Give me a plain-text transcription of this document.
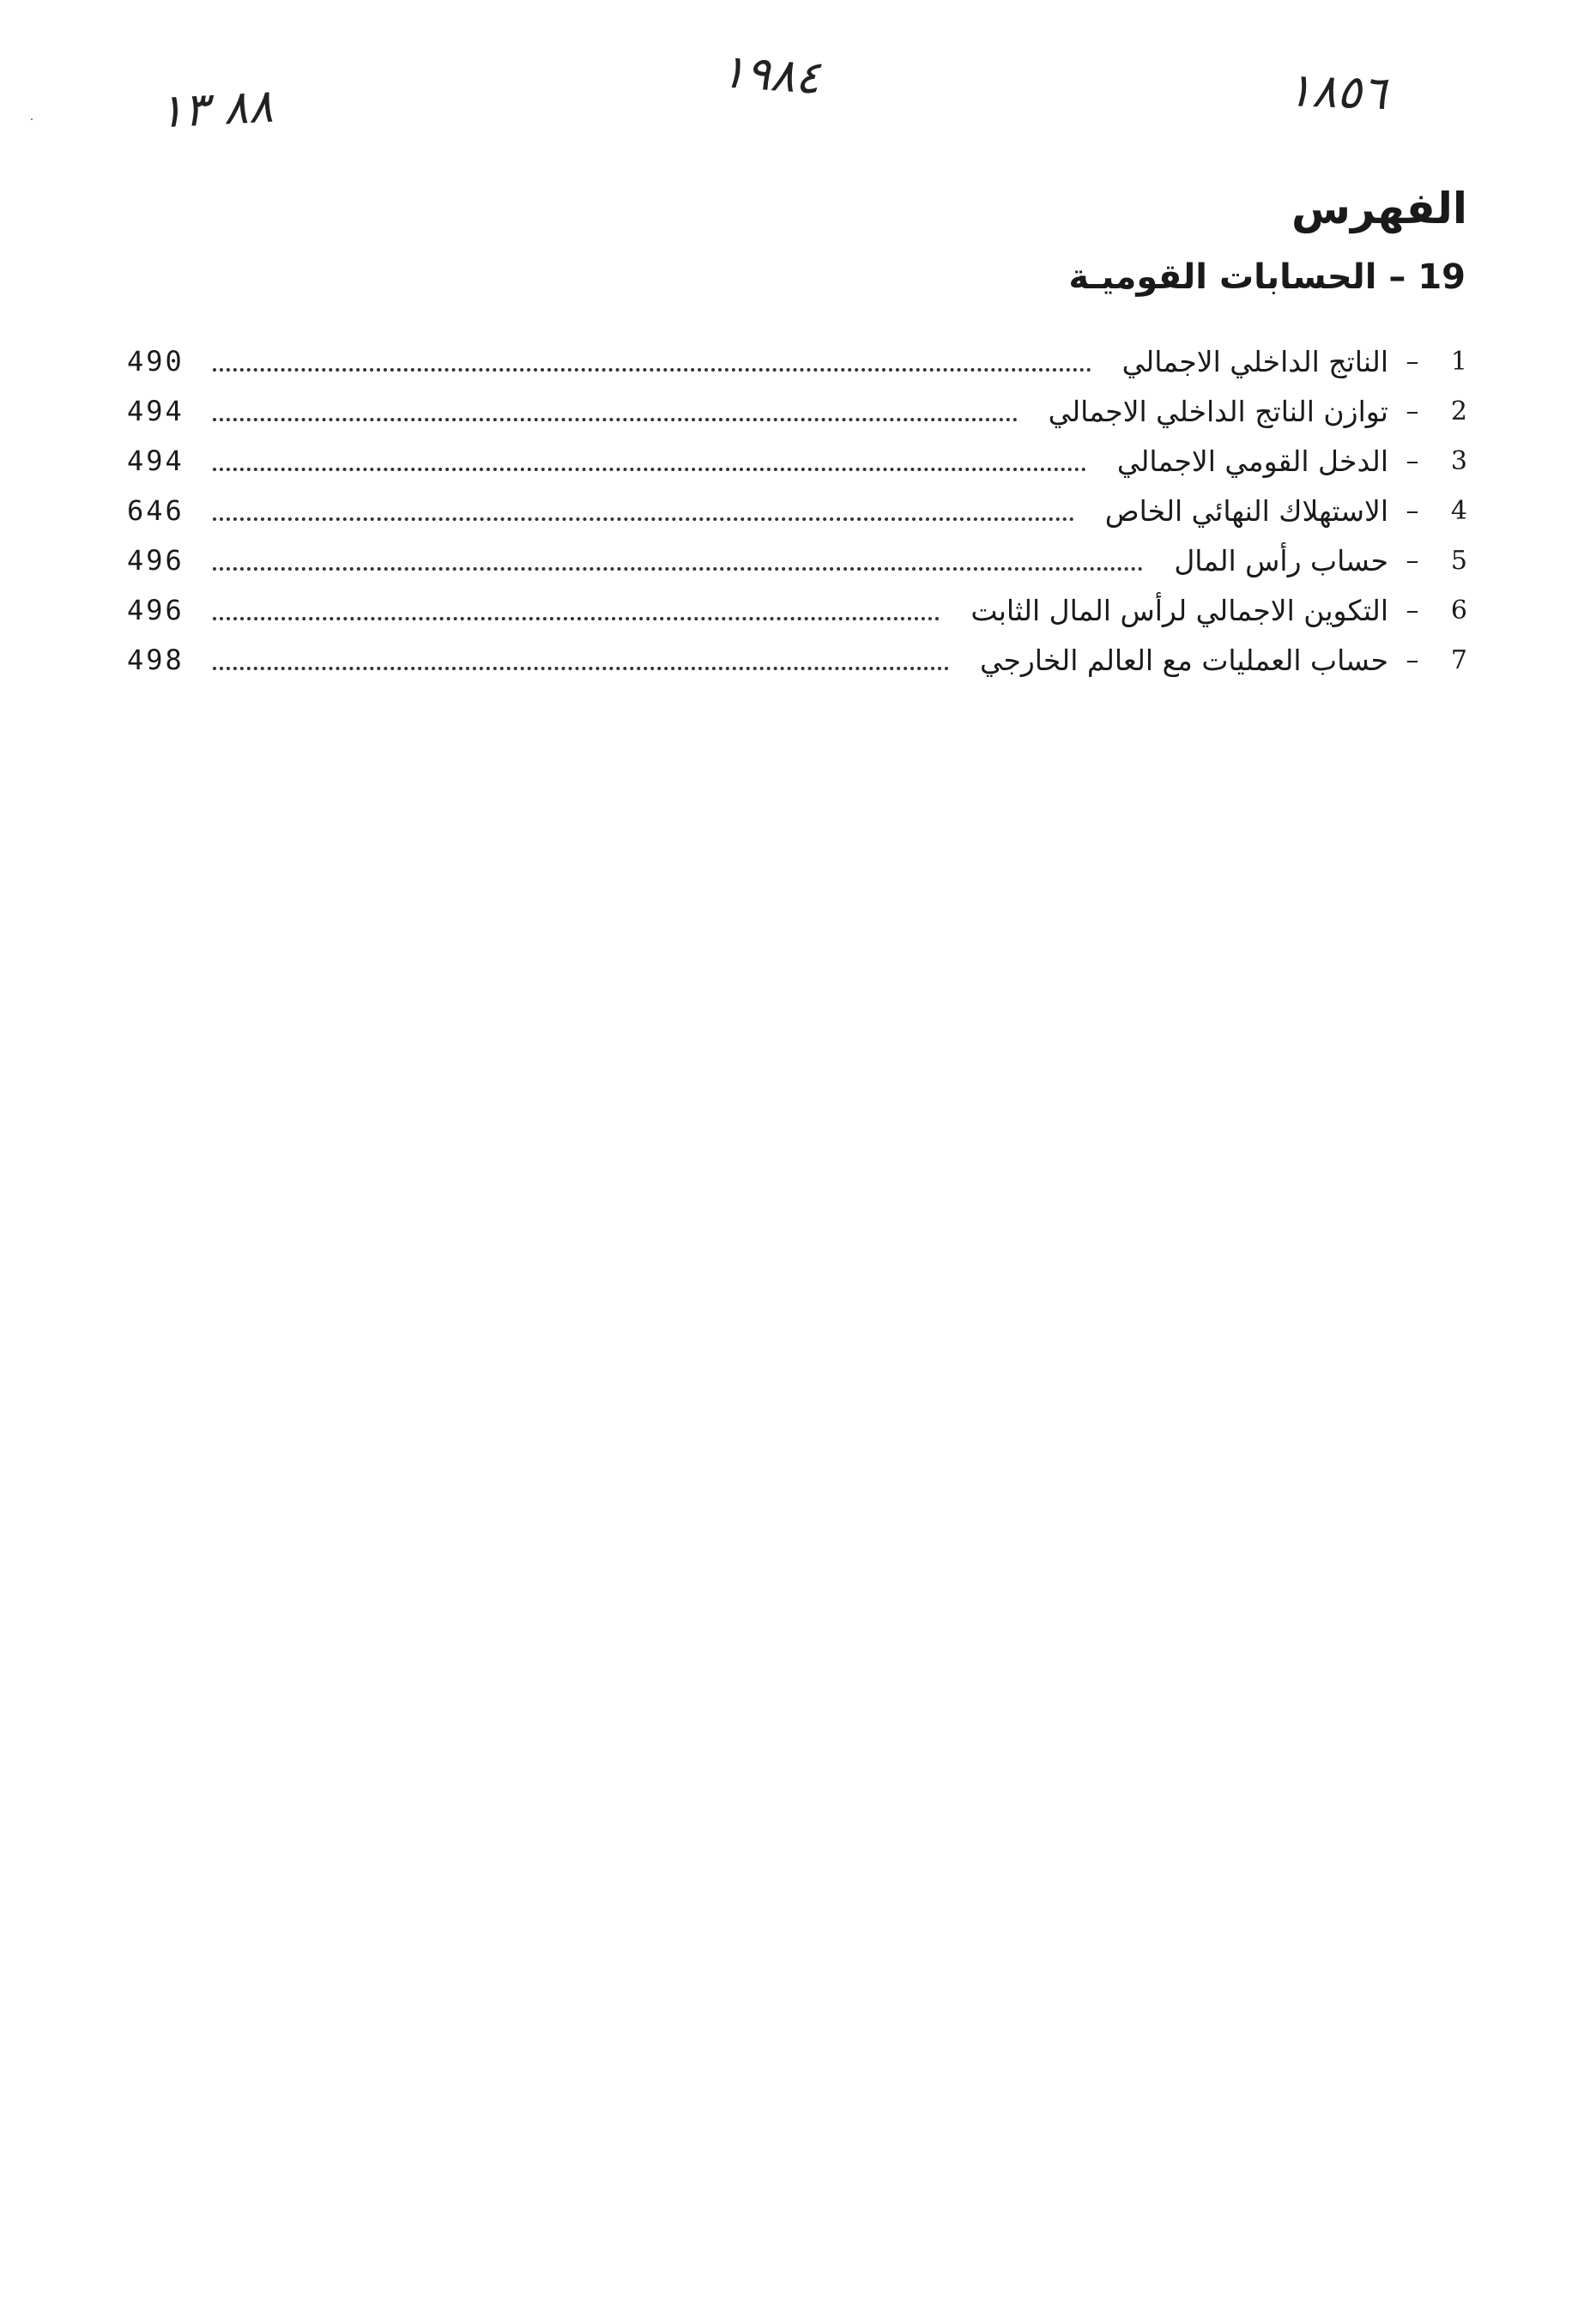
٨٨ ١٣
١٩٨٤	١٨٥٦
الفهرس
19 – الحسابات القوميـة
1
–
الناتج الداخلي الاجمالي
490
2
–
توازن الناتج الداخلي الاجمالي
494
3
–
الدخل القومي الاجمالي
494
4
–
الاستهلاك النهائي الخاص
646
5
–
حساب رأس المال
496
6
–
التكوين الاجمالي لرأس المال الثابت
496
7
–
حساب العمليات مع العالم الخارجي
498
